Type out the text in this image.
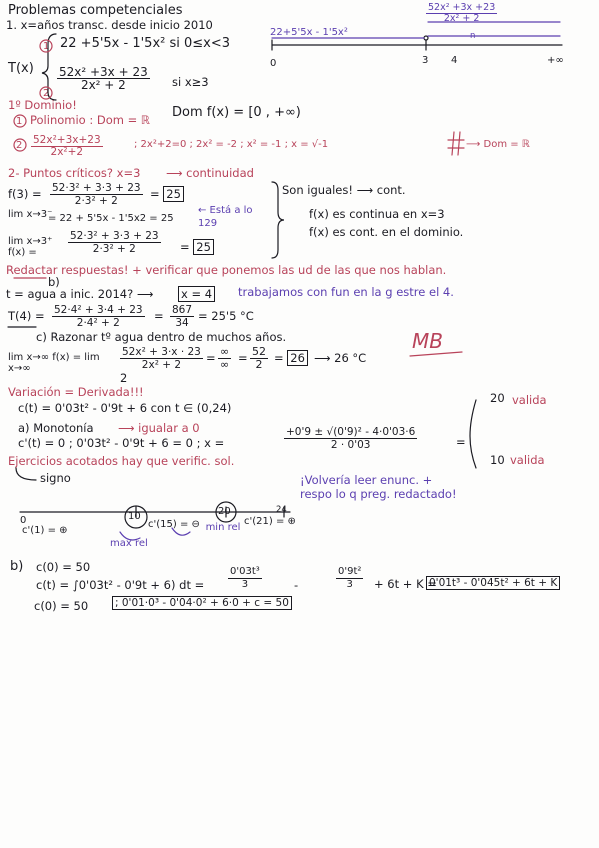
Problemas competenciales
1. x=años transc. desde inicio 2010
T(x)
1
2
22 +5'5x - 1'5x² si 0≤x<3
$\frac{\text{52x² +3x + 23}}{\text{2x² + 2}}$ si x≥3
22+5'5x - 1'5x²
$\frac{\text{52x² +3x +23}}{\text{2x² + 2}}$
0	3 4	+∞
n
1º Dominio!
1 Polinomio : Dom = ℝ Dom f(x) = [0 , +∞)
$2 \frac{\text{52x²+3x+23}}{\text{2x²+2}}$	; 2x²+2=0 ; 2x² = -2 ; x² = -1 ; x = √-1	⟶ Dom = ℝ
2- Puntos críticos? x=3 ⟶ continuidad
$f(3) = \frac{\text{52·3² + 3·3 + 23}}{\text{2·3² + 2}} = 25$
lim x→3⁻
= 22 + 5'5x - 1'5x2 = 25
← Está a lo 129
lim x→3⁺ f(x) =	$\frac{\text{52·3² + 3·3 + 23}}{\text{2·3² + 2}} = 25$
Son iguales! ⟶ cont.
f(x) es continua en x=3
f(x) es cont. en el dominio.
Redactar respuestas! + verificar que ponemos las ud de las que nos hablan.
b)
t = agua a inic. 2014? ⟶ x = 4 trabajamos con fun en la g estre el 4.
$T(4) = \frac{\text{52·4² + 3·4 + 23}}{\text{2·4² + 2}} = \frac{867}{34} = 25'5$ °C
c) Razonar tº agua dentro de muchos años.
lim x→∞ f(x) = lim x→∞	$\frac{\text{52x² + 3·x · 23}}{\text{2x² + 2}}$ = ∞
∞ = $\frac{52}{2} = 26$ ⟶ 26 °C
MB
2
Variación = Derivada!!!
c(t) = 0'03t² - 0'9t + 6 con t ∈ (0,24)
a) Monotonía ⟶ igualar a 0
c'(t) = 0 ; 0'03t² - 0'9t + 6 = 0 ; x =	$\frac{\text{+0'9 ± √(0'9)² - 4·0'03·6}}{2 \cdot 0'03}$	=
20 valida
10 valida
Ejercicios acotados hay que verific. sol.
signo	¡Volvería leer enunc. +
respo lo q preg. redactado!
0	10	20	24
c'(1) = ⊕
c'(15) = ⊖	c'(21) = ⊕
max rel
min rel
b) c(0) = 50
c(t) = ∫0'03t² - 0'9t + 6) dt = $\frac{\text{0'03t³}}{3}$	-	$\frac{\text{0'9t²}}{3} + 6t + K$ =
0'01t³ - 0'045t² + 6t + K
c(0) = 50	; 0'01·0³ - 0'04·0² + 6·0 + c = 50
